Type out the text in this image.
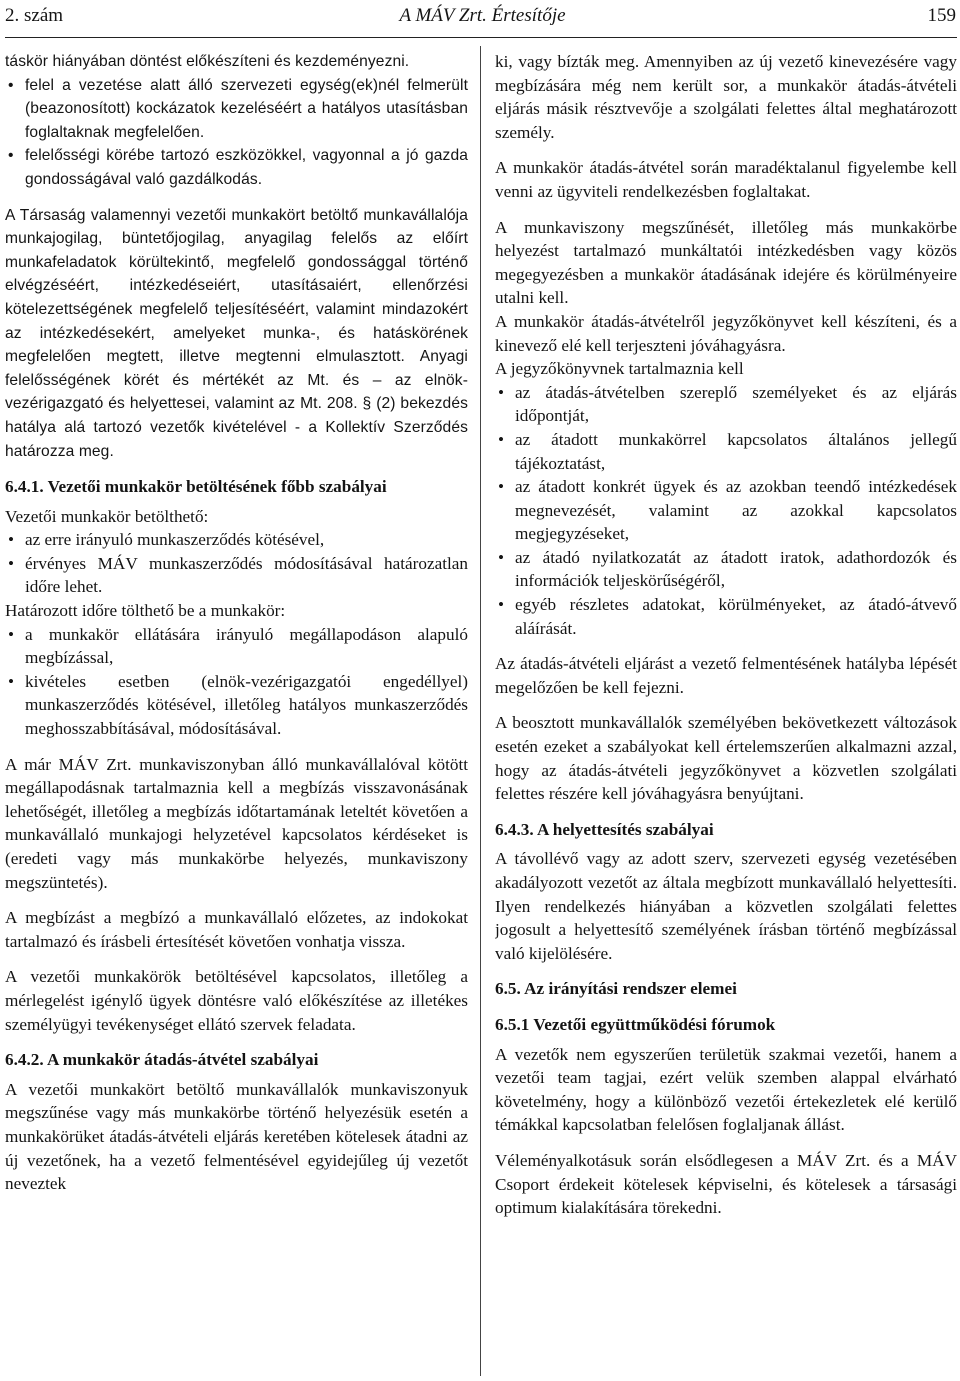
2. szám	A MÁV Zrt. Értesítője	159

táskör hiányában döntést előkészíteni és kezdeményezni.

• felel a vezetése alatt álló szervezeti egység(ek)nél felmerült (beazonosított) kockázatok kezeléséért a hatályos utasításban foglaltaknak megfelelően.
• felelősségi körébe tartozó eszközökkel, vagyonnal a jó gazda gondosságával való gazdálkodás.

A Társaság valamennyi vezetői munkakört betöltő munkavállalója munkajogilag, büntetőjogilag, anyagilag felelős az előírt munkafeladatok körültekintő, megfelelő gondossággal történő elvégzéséért, intézkedéseiért, utasításaiért, ellenőrzési kötelezettségének megfelelő teljesítéséért, valamint mindazokért az intézkedésekért, amelyeket munka-, és hatáskörének megfelelően megtett, illetve megtenni elmulasztott. Anyagi felelősségének körét és mértékét az Mt. és – az elnök-vezérigazgató és helyettesei, valamint az Mt. 208. § (2) bekezdés hatálya alá tartozó vezetők kivételével - a Kollektív Szerződés határozza meg.

6.4.1. Vezetői munkakör betöltésének főbb szabályai

Vezetői munkakör betölthető:

• az erre irányuló munkaszerződés kötésével,
• érvényes MÁV munkaszerződés módosításával határozatlan időre lehet.

Határozott időre tölthető be a munkakör:

• a munkakör ellátására irányuló megállapodáson alapuló megbízással,
• kivételes esetben (elnök-vezérigazgatói engedéllyel) munkaszerződés kötésével, illetőleg hatályos munkaszerződés meghosszabbításával, módosításával.

A már MÁV Zrt. munkaviszonyban álló munkavállalóval kötött megállapodásnak tartalmaznia kell a megbízás visszavonásának lehetőségét, illetőleg a megbízás időtartamának leteltét követően a munkavállaló munkajogi helyzetével kapcsolatos kérdéseket is (eredeti vagy más munkakörbe helyezés, munkaviszony megszüntetés).

A megbízást a megbízó a munkavállaló előzetes, az indokokat tartalmazó és írásbeli értesítését követően vonhatja vissza.

A vezetői munkakörök betöltésével kapcsolatos, illetőleg a mérlegelést igénylő ügyek döntésre való előkészítése az illetékes személyügyi tevékenységet ellátó szervek feladata.

6.4.2. A munkakör átadás-átvétel szabályai

A vezetői munkakört betöltő munkavállalók munkaviszonyuk megszűnése vagy más munkakörbe történő helyezésük esetén a munkakörüket átadás-átvételi eljárás keretében kötelesek átadni az új vezetőnek, ha a vezető felmentésével egyidejűleg új vezetőt neveztek

ki, vagy bízták meg. Amennyiben az új vezető kinevezésére vagy megbízására még nem került sor, a munkakör átadás-átvételi eljárás másik résztvevője a szolgálati felettes által meghatározott személy.

A munkakör átadás-átvétel során maradéktalanul figyelembe kell venni az ügyviteli rendelkezésben foglaltakat.

A munkaviszony megszűnését, illetőleg más munkakörbe helyezést tartalmazó munkáltatói intézkedésben vagy közös megegyezésben a munkakör átadásának idejére és körülményeire utalni kell.

A munkakör átadás-átvételről jegyzőkönyvet kell készíteni, és a kinevező elé kell terjeszteni jóváhagyásra.

A jegyzőkönyvnek tartalmaznia kell

• az átadás-átvételben szereplő személyeket és az eljárás időpontját,
• az átadott munkakörrel kapcsolatos általános jellegű tájékoztatást,
• az átadott konkrét ügyek és az azokban teendő intézkedések megnevezését, valamint az azokkal kapcsolatos megjegyzéseket,
• az átadó nyilatkozatát az átadott iratok, adathordozók és információk teljeskörűségéről,
• egyéb részletes adatokat, körülményeket, az átadó-átvevő aláírását.

Az átadás-átvételi eljárást a vezető felmentésének hatályba lépését megelőzően be kell fejezni.

A beosztott munkavállalók személyében bekövetkezett változások esetén ezeket a szabályokat kell értelemszerűen alkalmazni azzal, hogy az átadás-átvételi jegyzőkönyvet a közvetlen szolgálati felettes részére kell jóváhagyásra benyújtani.

6.4.3. A helyettesítés szabályai

A távollévő vagy az adott szerv, szervezeti egység vezetésében akadályozott vezetőt az általa megbízott munkavállaló helyettesíti. Ilyen rendelkezés hiányában a közvetlen szolgálati felettes jogosult a helyettesítő személyének írásban történő megbízással való kijelölésére.

6.5. Az irányítási rendszer elemei
6.5.1 Vezetői együttműködési fórumok

A vezetők nem egyszerűen területük szakmai vezetői, hanem a vezetői team tagjai, ezért velük szemben alappal elvárható követelmény, hogy a különböző vezetői értekezletek elé kerülő témákkal kapcsolatban felelősen foglaljanak állást.

Véleményalkotásuk során elsődlegesen a MÁV Zrt. és a MÁV Csoport érdekeit kötelesek képviselni, és kötelesek a társasági optimum kialakítására törekedni.
